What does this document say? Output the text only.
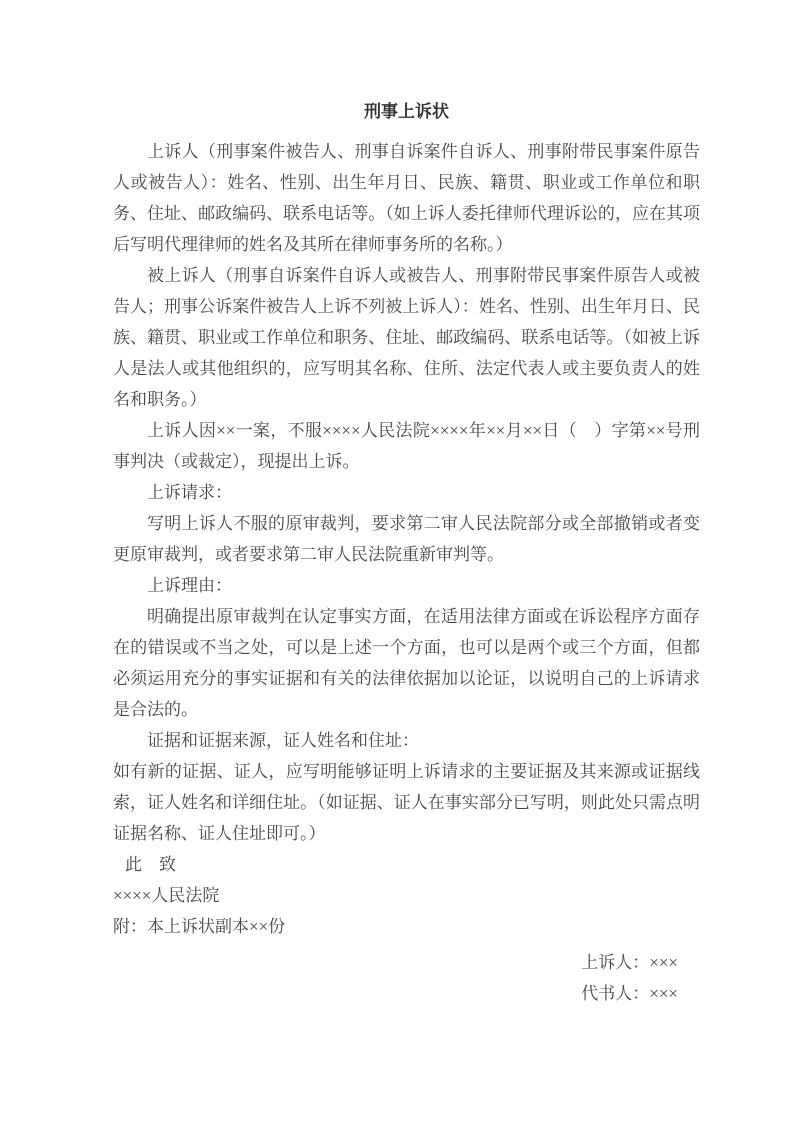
刑事上诉状

上诉人（刑事案件被告人、刑事自诉案件自诉人、刑事附带民事案件原告人或被告人）：姓名、性别、出生年月日、民族、籍贯、职业或工作单位和职务、住址、邮政编码、联系电话等。（如上诉人委托律师代理诉讼的，应在其项后写明代理律师的姓名及其所在律师事务所的名称。）

被上诉人（刑事自诉案件自诉人或被告人、刑事附带民事案件原告人或被告人；刑事公诉案件被告人上诉不列被上诉人）：姓名、性别、出生年月日、民族、籍贯、职业或工作单位和职务、住址、邮政编码、联系电话等。（如被上诉人是法人或其他组织的，应写明其名称、住所、法定代表人或主要负责人的姓名和职务。）

上诉人因××一案，不服××××人民法院××××年××月××日（　）字第××号刑事判决（或裁定），现提出上诉。

上诉请求：

写明上诉人不服的原审裁判，要求第二审人民法院部分或全部撤销或者变更原审裁判，或者要求第二审人民法院重新审判等。

上诉理由：

明确提出原审裁判在认定事实方面，在适用法律方面或在诉讼程序方面存在的错误或不当之处，可以是上述一个方面，也可以是两个或三个方面，但都必须运用充分的事实证据和有关的法律依据加以论证，以说明自己的上诉请求是合法的。

证据和证据来源，证人姓名和住址：

如有新的证据、证人，应写明能够证明上诉请求的主要证据及其来源或证据线索，证人姓名和详细住址。（如证据、证人在事实部分已写明，则此处只需点明证据名称、证人住址即可。）

此　致

××××人民法院

附：本上诉状副本××份

上诉人：×××

代书人：×××
